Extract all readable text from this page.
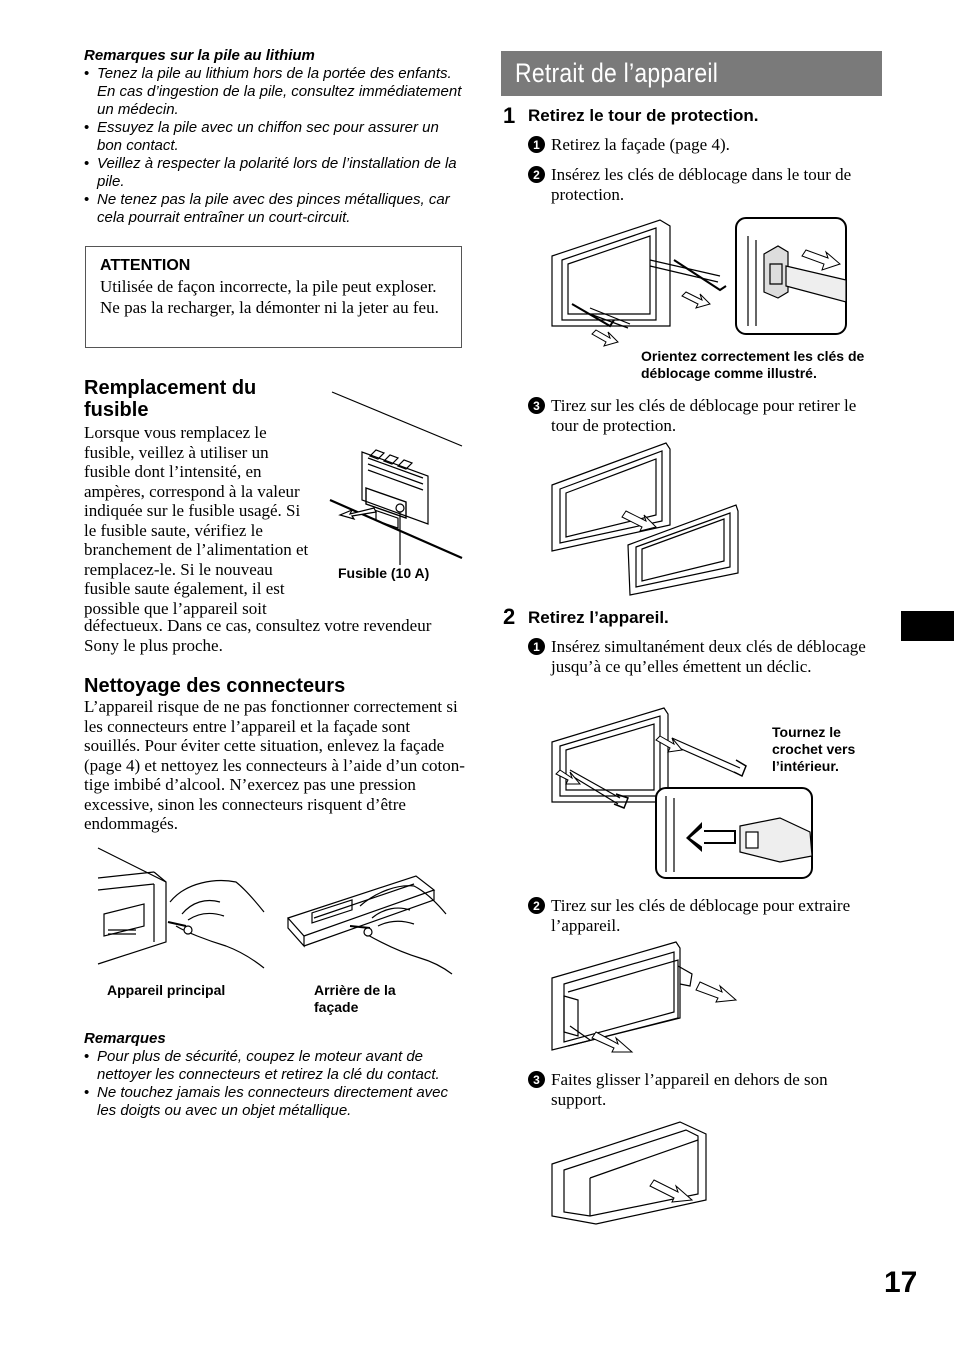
Remarques sur la pile au lithium
• Tenez la pile au lithium hors de la portée des enfants. En cas d’ingestion de la pile, consultez immédiatement un médecin.
• Essuyez la pile avec un chiffon sec pour assurer un bon contact.
• Veillez à respecter la polarité lors de l’installation de la pile.
• Ne tenez pas la pile avec des pinces métalliques, car cela pourrait entraîner un court-circuit.
ATTENTION
Utilisée de façon incorrecte, la pile peut exploser. Ne pas la recharger, la démonter ni la jeter au feu.
Remplacement du fusible
Lorsque vous remplacez le fusible, veillez à utiliser un fusible dont l’intensité, en ampères, correspond à la valeur indiquée sur le fusible usagé. Si le fusible saute, vérifiez le branchement de l’alimentation et remplacez-le. Si le nouveau fusible saute également, il est possible que l’appareil soit
défectueux. Dans ce cas, consultez votre revendeur Sony le plus proche.
Fusible (10 A)
Nettoyage des connecteurs
L’appareil risque de ne pas fonctionner correctement si les connecteurs entre l’appareil et la façade sont souillés. Pour éviter cette situation, enlevez la façade (page 4) et nettoyez les connecteurs à l’aide d’un coton-tige imbibé d’alcool. N’exercez pas une pression excessive, sinon les connecteurs risquent d’être endommagés.
Appareil principal	Arrière de la façade
Remarques
• Pour plus de sécurité, coupez le moteur avant de nettoyer les connecteurs et retirez la clé du contact.
• Ne touchez jamais les connecteurs directement avec les doigts ou avec un objet métallique.
Retrait de l’appareil
1 Retirez le tour de protection.
1 Retirez la façade (page 4).
2 Insérez les clés de déblocage dans le tour de protection.
Orientez correctement les clés de déblocage comme illustré.
3 Tirez sur les clés de déblocage pour retirer le tour de protection.
2 Retirez l’appareil.
1 Insérez simultanément deux clés de déblocage jusqu’à ce qu’elles émettent un déclic.
Tournez le crochet vers l’intérieur.
2 Tirez sur les clés de déblocage pour extraire l’appareil.
3 Faites glisser l’appareil en dehors de son support.
17
